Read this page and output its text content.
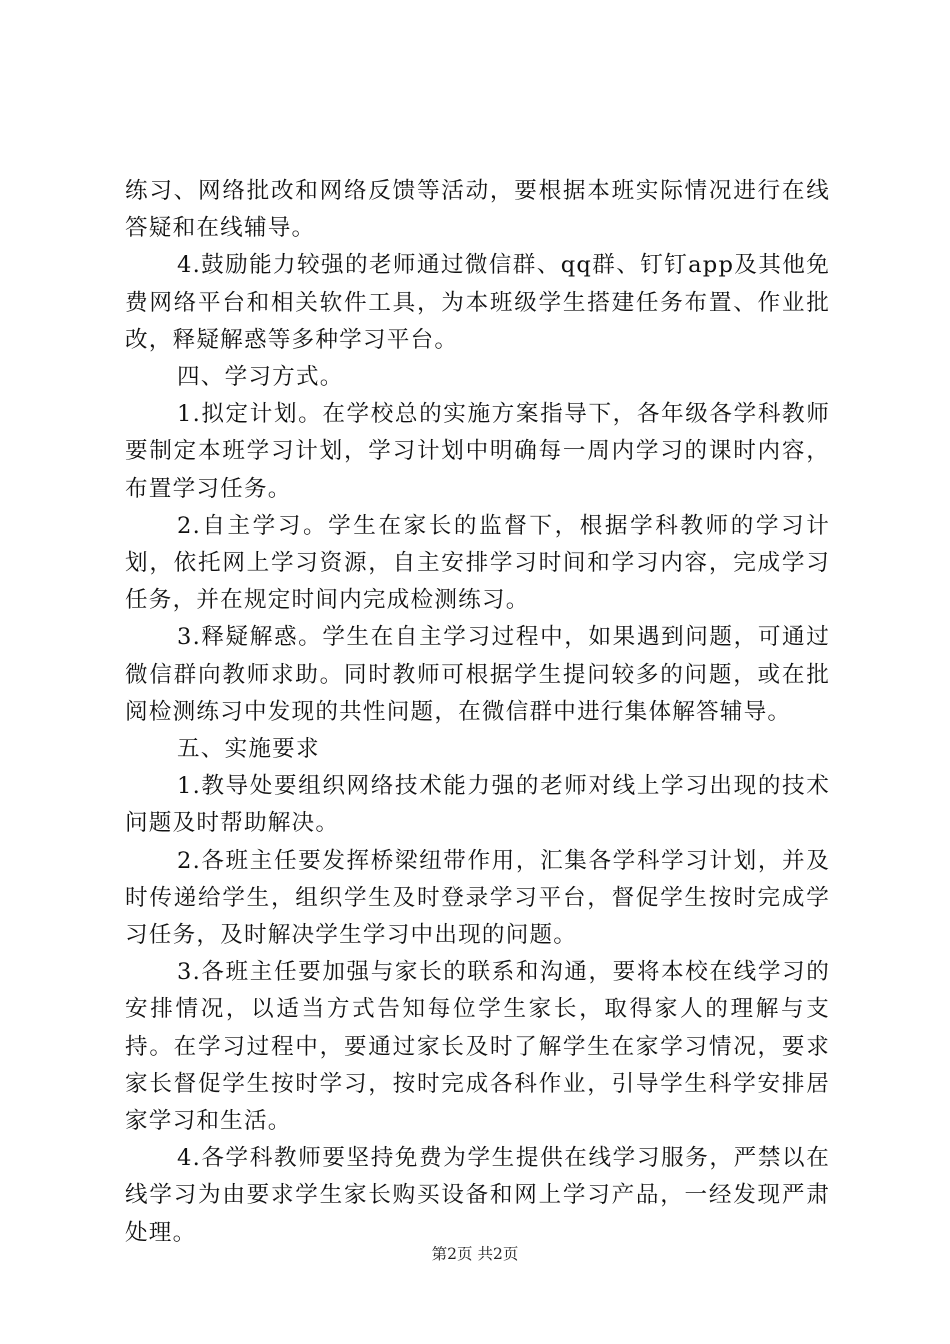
练习、网络批改和网络反馈等活动，要根据本班实际情况进行在线答疑和在线辅导。

4.鼓励能力较强的老师通过微信群、qq群、钉钉app及其他免费网络平台和相关软件工具，为本班级学生搭建任务布置、作业批改，释疑解惑等多种学习平台。

四、学习方式。

1.拟定计划。在学校总的实施方案指导下，各年级各学科教师要制定本班学习计划，学习计划中明确每一周内学习的课时内容，布置学习任务。

2.自主学习。学生在家长的监督下，根据学科教师的学习计划，依托网上学习资源，自主安排学习时间和学习内容，完成学习任务，并在规定时间内完成检测练习。

3.释疑解惑。学生在自主学习过程中，如果遇到问题，可通过微信群向教师求助。同时教师可根据学生提问较多的问题，或在批阅检测练习中发现的共性问题，在微信群中进行集体解答辅导。

五、实施要求

1.教导处要组织网络技术能力强的老师对线上学习出现的技术问题及时帮助解决。

2.各班主任要发挥桥梁纽带作用，汇集各学科学习计划，并及时传递给学生，组织学生及时登录学习平台，督促学生按时完成学习任务，及时解决学生学习中出现的问题。

3.各班主任要加强与家长的联系和沟通，要将本校在线学习的安排情况，以适当方式告知每位学生家长，取得家人的理解与支持。在学习过程中，要通过家长及时了解学生在家学习情况，要求家长督促学生按时学习，按时完成各科作业，引导学生科学安排居家学习和生活。

4.各学科教师要坚持免费为学生提供在线学习服务，严禁以在线学习为由要求学生家长购买设备和网上学习产品，一经发现严肃处理。

第2页 共2页
